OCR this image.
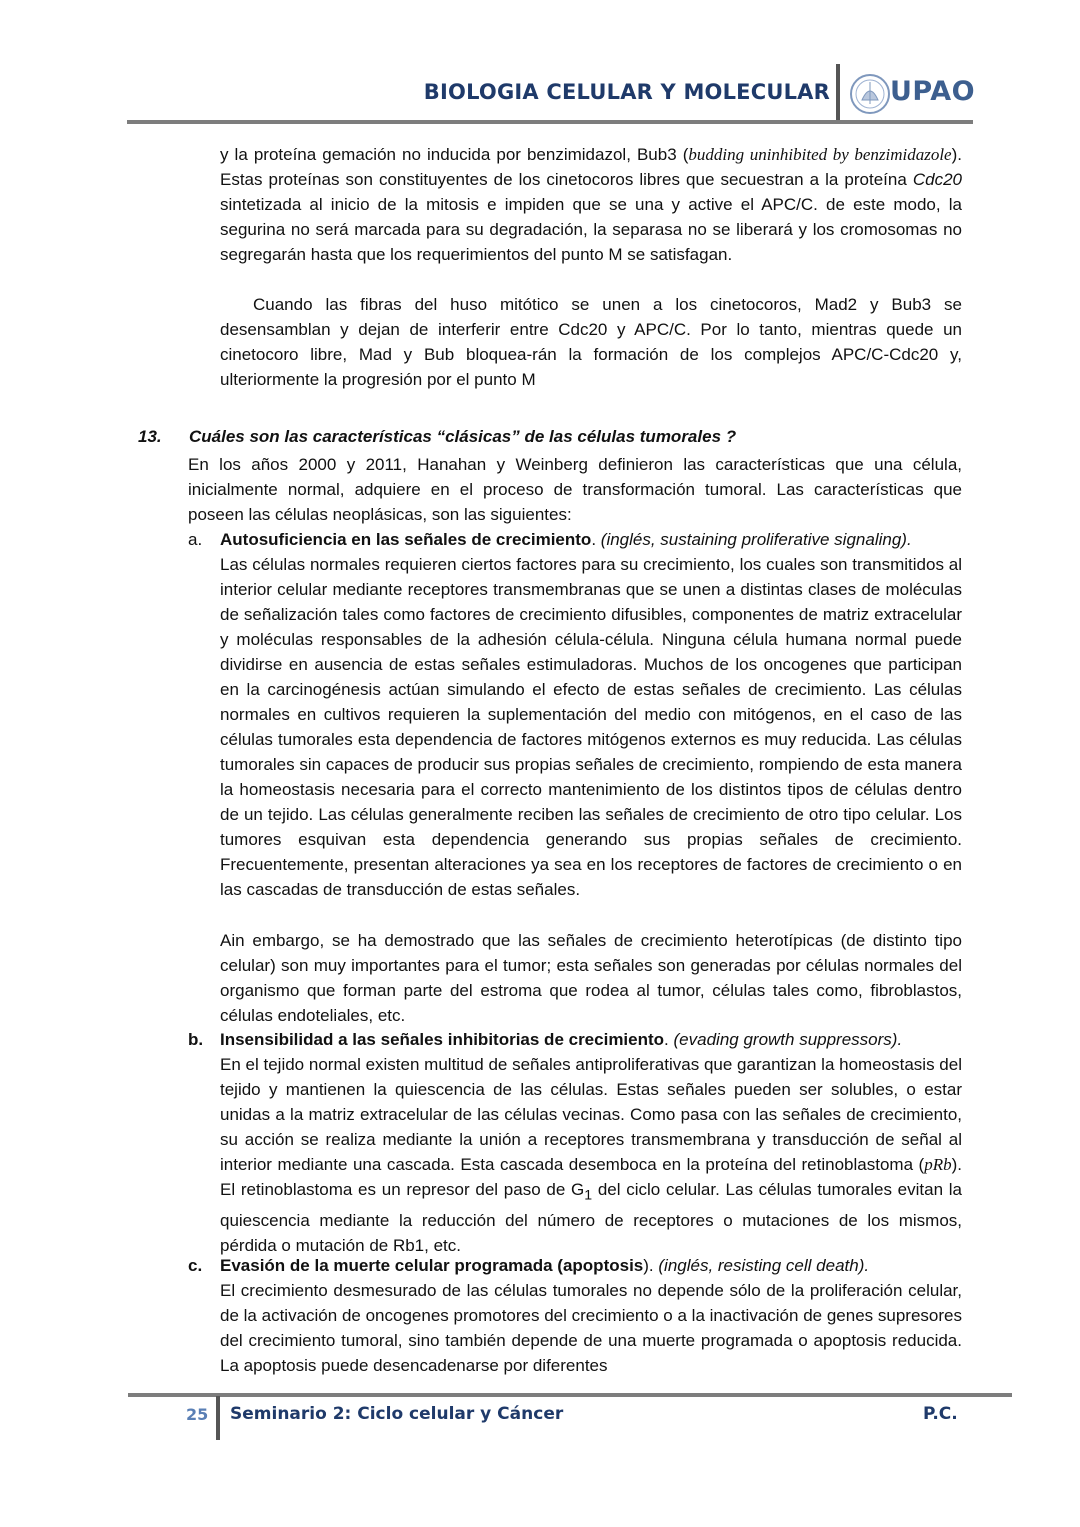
BIOLOGIA CELULAR Y MOLECULAR UPAO

y la proteína gemación no inducida por benzimidazol, Bub3 (budding uninhibited by benzimidazole). Estas proteínas son constituyentes de los cinetocoros libres que secuestran a la proteína Cdc20 sintetizada al inicio de la mitosis e impiden que se una y active el APC/C. de este modo, la segurina no será marcada para su degradación, la separasa no se liberará y los cromosomas no segregarán hasta que los requerimientos del punto M se satisfagan.

Cuando las fibras del huso mitótico se unen a los cinetocoros, Mad2 y Bub3 se desensamblan y dejan de interferir entre Cdc20 y APC/C. Por lo tanto, mientras quede un cinetocoro libre, Mad y Bub bloquea-rán la formación de los complejos APC/C-Cdc20 y, ulteriormente la progresión por el punto M

13. Cuáles son las características “clásicas” de las células tumorales ?

En los años 2000 y 2011, Hanahan y Weinberg definieron las características que una célula, inicialmente normal, adquiere en el proceso de transformación tumoral. Las características que poseen las células neoplásicas, son las siguientes:

a. Autosuficiencia en las señales de crecimiento. (inglés, sustaining proliferative signaling).

Las células normales requieren ciertos factores para su crecimiento, los cuales son transmitidos al interior celular mediante receptores transmembranas que se unen a distintas clases de moléculas de señalización tales como factores de crecimiento difusibles, componentes de matriz extracelular y moléculas responsables de la adhesión célula-célula. Ninguna célula humana normal puede dividirse en ausencia de estas señales estimuladoras. Muchos de los oncogenes que participan en la carcinogénesis actúan simulando el efecto de estas señales de crecimiento. Las células normales en cultivos requieren la suplementación del medio con mitógenos, en el caso de las células tumorales esta dependencia de factores mitógenos externos es muy reducida. Las células tumorales sin capaces de producir sus propias señales de crecimiento, rompiendo de esta manera la homeostasis necesaria para el correcto mantenimiento de los distintos tipos de células dentro de un tejido. Las células generalmente reciben las señales de crecimiento de otro tipo celular. Los tumores esquivan esta dependencia generando sus propias señales de crecimiento. Frecuentemente, presentan alteraciones ya sea en los receptores de factores de crecimiento o en las cascadas de transducción de estas señales.

Ain embargo, se ha demostrado que las señales de crecimiento heterotípicas (de distinto tipo celular) son muy importantes para el tumor; esta señales son generadas por células normales del organismo que forman parte del estroma que rodea al tumor, células tales como, fibroblastos, células endoteliales, etc.

b. Insensibilidad a las señales inhibitorias de crecimiento. (evading growth suppressors).

En el tejido normal existen multitud de señales antiproliferativas que garantizan la homeostasis del tejido y mantienen la quiescencia de las células. Estas señales pueden ser solubles, o estar unidas a la matriz extracelular de las células vecinas. Como pasa con las señales de crecimiento, su acción se realiza mediante la unión a receptores transmembrana y transducción de señal al interior mediante una cascada. Esta cascada desemboca en la proteína del retinoblastoma (pRb). El retinoblastoma es un represor del paso de $G_1$ del ciclo celular. Las células tumorales evitan la quiescencia mediante la reducción del número de receptores o mutaciones de los mismos, pérdida o mutación de Rb1, etc.

c. Evasión de la muerte celular programada (apoptosis). (inglés, resisting cell death).

El crecimiento desmesurado de las células tumorales no depende sólo de la proliferación celular, de la activación de oncogenes promotores del crecimiento o a la inactivación de genes supresores del crecimiento tumoral, sino también depende de una muerte programada o apoptosis reducida. La apoptosis puede desencadenarse por diferentes

25 Seminario 2: Ciclo celular y Cáncer	P.C.
